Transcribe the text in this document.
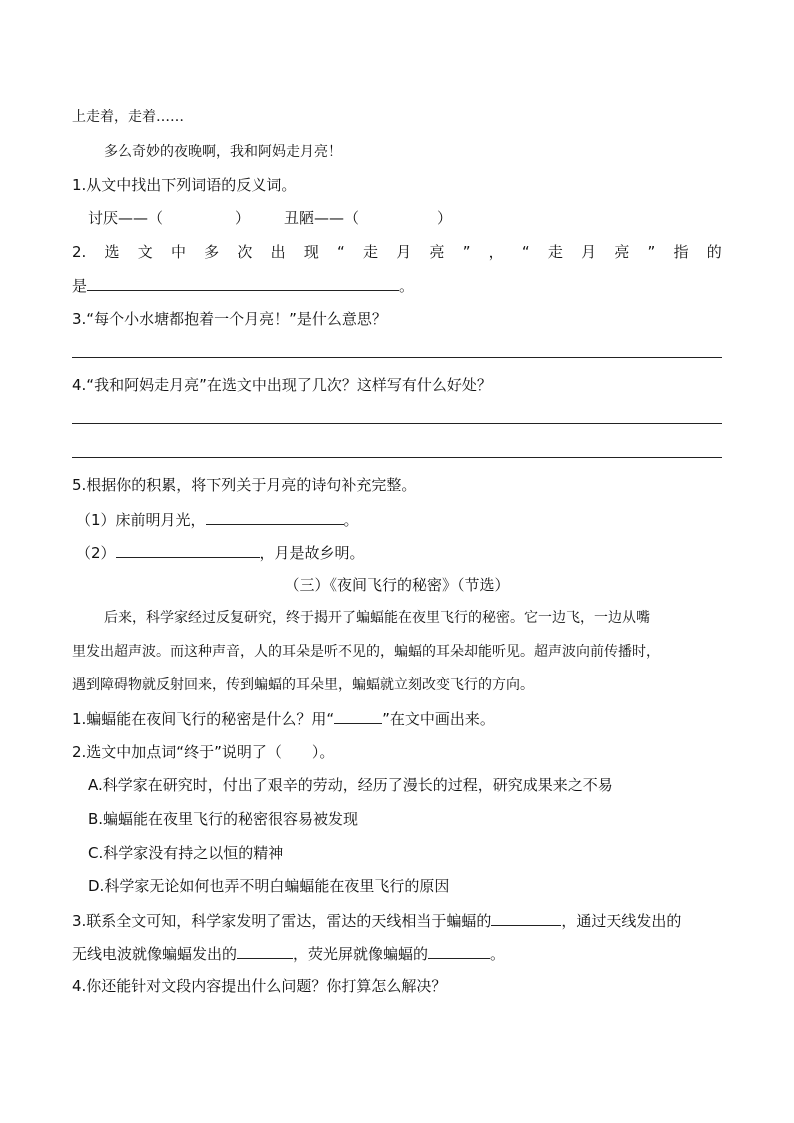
上走着，走着……
多么奇妙的夜晚啊，我和阿妈走月亮！
1.从文中找出下列词语的反义词。
讨厌——（	） 丑陋——（	）
2. 选 文 中 多 次 出 现 “ 走 月 亮 ” ， “ 走 月 亮 ” 指 的
是	。
3.“每个小水塘都抱着一个月亮！”是什么意思？
4.“我和阿妈走月亮”在选文中出现了几次？这样写有什么好处？
5.根据你的积累，将下列关于月亮的诗句补充完整。
（1）床前明月光，	。
（2）	，月是故乡明。
（三）《夜间飞行的秘密》（节选）
后来，科学家经过反复研究，终于揭开了蝙蝠能在夜里飞行的秘密。它一边飞，一边从嘴
里发出超声波。而这种声音，人的耳朵是听不见的，蝙蝠的耳朵却能听见。超声波向前传播时，
遇到障碍物就反射回来，传到蝙蝠的耳朵里，蝙蝠就立刻改变飞行的方向。
1.蝙蝠能在夜间飞行的秘密是什么？用“	”在文中画出来。
2.选文中加点词“终于”说明了（　　）。
A.科学家在研究时，付出了艰辛的劳动，经历了漫长的过程，研究成果来之不易
B.蝙蝠能在夜里飞行的秘密很容易被发现
C.科学家没有持之以恒的精神
D.科学家无论如何也弄不明白蝙蝠能在夜里飞行的原因
3.联系全文可知，科学家发明了雷达，雷达的天线相当于蝙蝠的	，通过天线发出的
无线电波就像蝙蝠发出的	，荧光屏就像蝙蝠的	。
4.你还能针对文段内容提出什么问题？你打算怎么解决？
